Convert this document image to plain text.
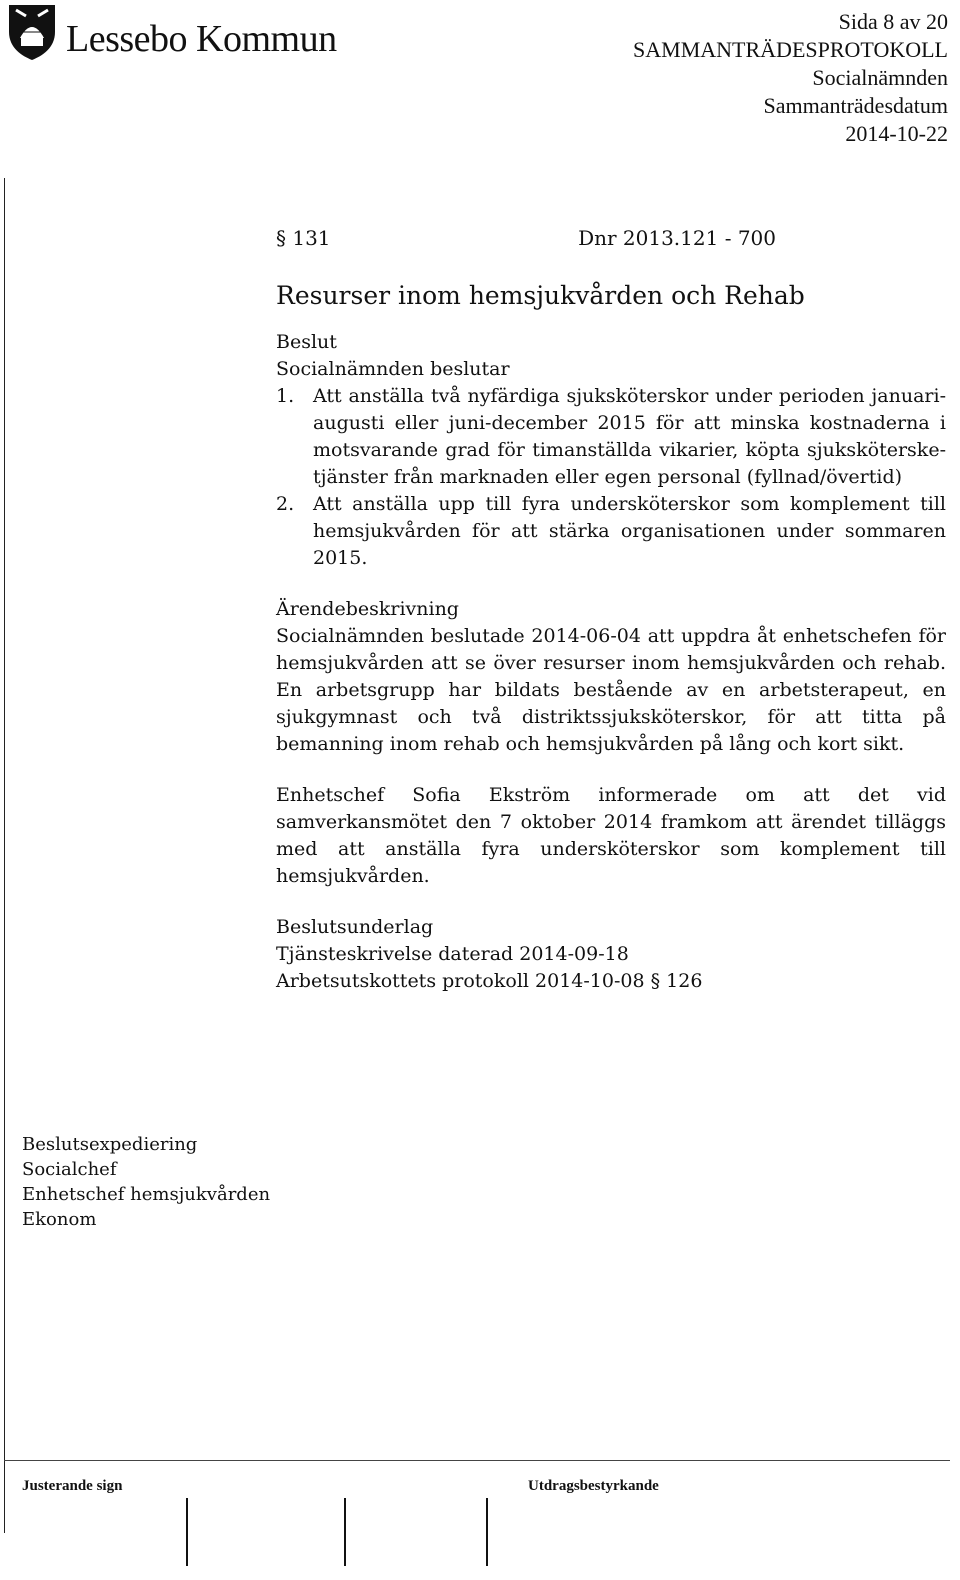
Lessebo Kommun	Sida 8 av 20
SAMMANTRÄDESPROTOKOLL
Socialnämnden
Sammanträdesdatum
2014-10-22
§ 131	Dnr 2013.121 - 700
Resurser inom hemsjukvården och Rehab
Beslut
Socialnämnden beslutar
1. Att anställa två nyfärdiga sjuksköterskor under perioden januari-augusti eller juni-december 2015 för att minska kostnaderna i motsvarande grad för timanställda vikarier, köpta sjukskötersketjänster från marknaden eller egen personal (fyllnad/övertid)
2. Att anställa upp till fyra undersköterskor som komplement till hemsjukvården för att stärka organisationen under sommaren 2015.
Ärendebeskrivning

Socialnämnden beslutade 2014-06-04 att uppdra åt enhetschefen för hemsjukvården att se över resurser inom hemsjukvården och rehab. En arbetsgrupp har bildats bestående av en arbetsterapeut, en sjukgymnast och två distriktssjuksköterskor, för att titta på bemanning inom rehab och hemsjukvården på lång och kort sikt.

Enhetschef Sofia Ekström informerade om att det vid samverkansmötet den 7 oktober 2014 framkom att ärendet tilläggs med att anställa fyra undersköterskor som komplement till hemsjukvården.

Beslutsunderlag
Tjänsteskrivelse daterad 2014-09-18
Arbetsutskottets protokoll 2014-10-08 § 126
Beslutsexpediering
Socialchef
Enhetschef hemsjukvården
Ekonom
Justerande sign	Utdragsbestyrkande
